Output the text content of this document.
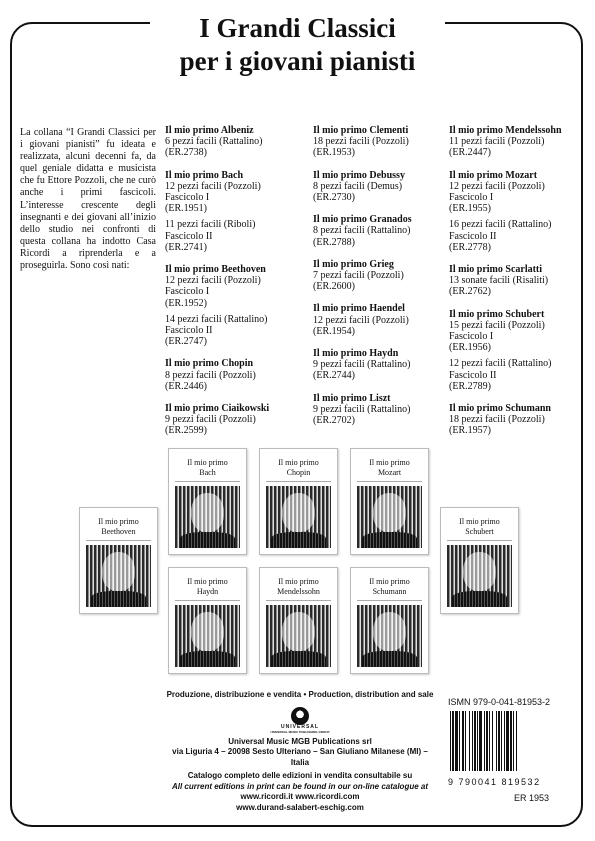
I Grandi Classici

per i giovani pianisti

La collana “I Grandi Classici per i giovani pianisti” fu ideata e realizzata, alcuni decenni fa, da quel geniale didatta e musicista che fu Ettore Pozzoli, che ne curò anche i primi fascicoli. L’interesse crescente degli insegnanti e dei giovani all’inizio dello studio nei confronti di questa collana ha indotto Casa Ricordi a riprenderla e a proseguirla. Sono così nati:

Il mio primo Albeniz
6 pezzi facili (Rattalino)
(ER.2738)
Il mio primo Bach
12 pezzi facili (Pozzoli)
Fascicolo I
(ER.1951)
11 pezzi facili (Riboli)
Fascicolo II
(ER.2741)
Il mio primo Beethoven
12 pezzi facili (Pozzoli)
Fascicolo I
(ER.1952)
14 pezzi facili (Rattalino)
Fascicolo II
(ER.2747)
Il mio primo Chopin
8 pezzi facili (Pozzoli)
(ER.2446)
Il mio primo Ciaikowski
9 pezzi facili (Pozzoli)
(ER.2599)
Il mio primo Clementi
18 pezzi facili (Pozzoli)
(ER.1953)
Il mio primo Debussy
8 pezzi facili (Demus)
(ER.2730)
Il mio primo Granados
8 pezzi facili (Rattalino)
(ER.2788)
Il mio primo Grieg
7 pezzi facili (Pozzoli)
(ER.2600)
Il mio primo Haendel
12 pezzi facili (Pozzoli)
(ER.1954)
Il mio primo Haydn
9 pezzi facili (Rattalino)
(ER.2744)
Il mio primo Liszt
9 pezzi facili (Rattalino)
(ER.2702)
Il mio primo Mendelssohn
11 pezzi facili (Pozzoli)
(ER.2447)
Il mio primo Mozart
12 pezzi facili (Pozzoli)
Fascicolo I
(ER.1955)
16 pezzi facili (Rattalino)
Fascicolo II
(ER.2778)
Il mio primo Scarlatti
13 sonate facili (Risaliti)
(ER.2762)
Il mio primo Schubert
15 pezzi facili (Pozzoli)
Fascicolo I
(ER.1956)
12 pezzi facili (Rattalino)
Fascicolo II
(ER.2789)
Il mio primo Schumann
18 pezzi facili (Pozzoli)
(ER.1957)
Il mio primo
Bach
Il mio primo
Chopin
Il mio primo
Mozart
Il mio primo
Beethoven
Il mio primo
Schubert
Il mio primo
Haydn
Il mio primo
Mendelssohn
Il mio primo
Schumann
Produzione, distribuzione e vendita • Production, distribution and sale
UNIVERSAL
UNIVERSAL MUSIC PUBLISHING GROUP
Universal Music MGB Publications srl
via Liguria 4 – 20098 Sesto Ulteriano – San Giuliano Milanese (MI) – Italia
Catalogo completo delle edizioni in vendita consultabile su
All current editions in print can be found in our on-line catalogue at
www.ricordi.it www.ricordi.com
www.durand-salabert-eschig.com
ISMN 979-0-041-81953-2
9 790041 819532
ER 1953
